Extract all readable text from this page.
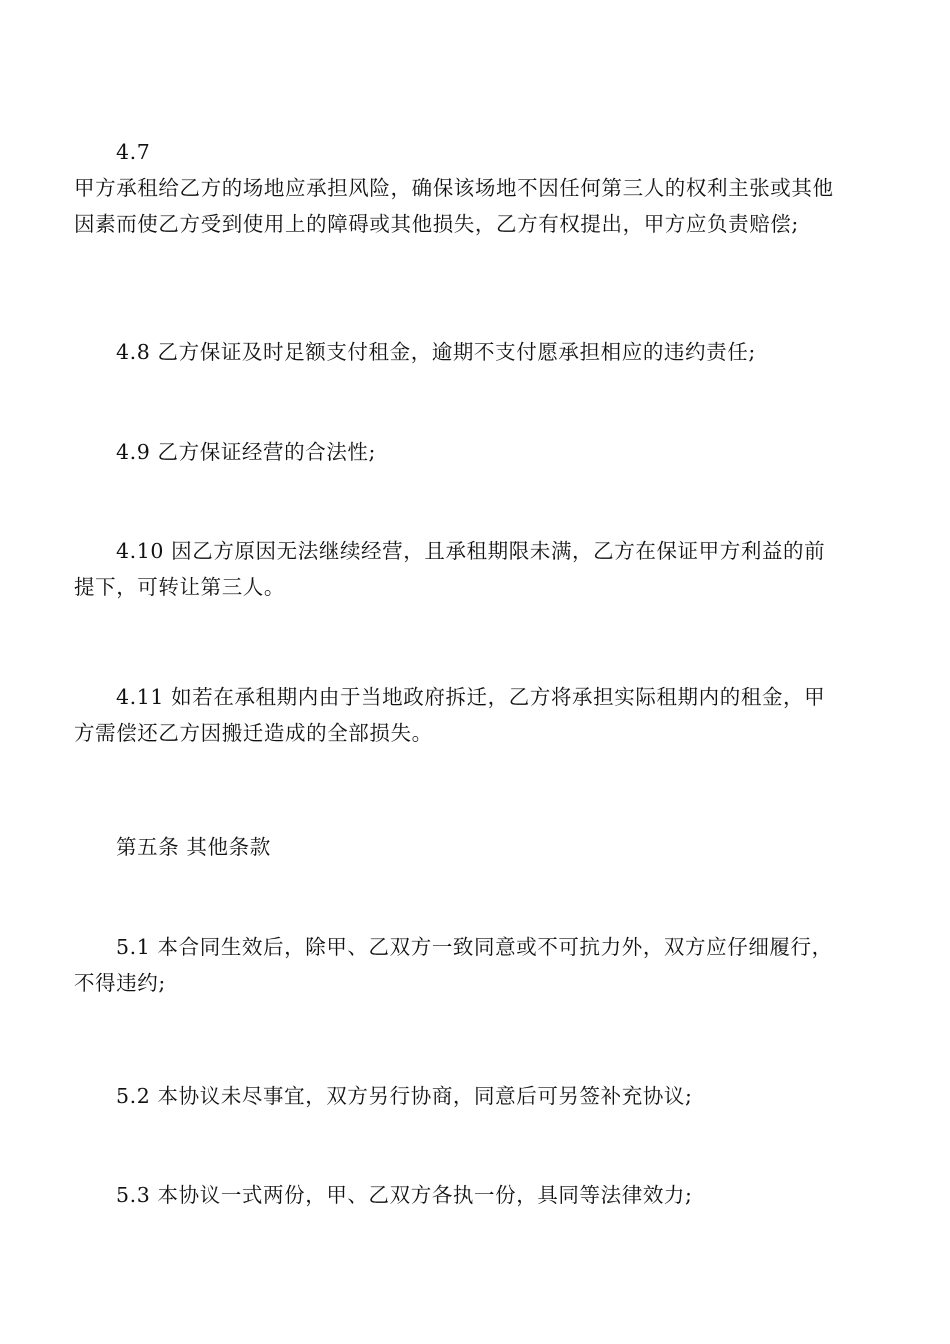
4.7
甲方承租给乙方的场地应承担风险，确保该场地不因任何第三人的权利主张或其他
因素而使乙方受到使用上的障碍或其他损失，乙方有权提出，甲方应负责赔偿;
4.8 乙方保证及时足额支付租金，逾期不支付愿承担相应的违约责任;
4.9 乙方保证经营的合法性;
4.10 因乙方原因无法继续经营，且承租期限未满，乙方在保证甲方利益的前
提下，可转让第三人。
4.11 如若在承租期内由于当地政府拆迁，乙方将承担实际租期内的租金，甲
方需偿还乙方因搬迁造成的全部损失。
第五条 其他条款
5.1 本合同生效后，除甲、乙双方一致同意或不可抗力外，双方应仔细履行，
不得违约;
5.2 本协议未尽事宜，双方另行协商，同意后可另签补充协议;
5.3 本协议一式两份，甲、乙双方各执一份，具同等法律效力;
